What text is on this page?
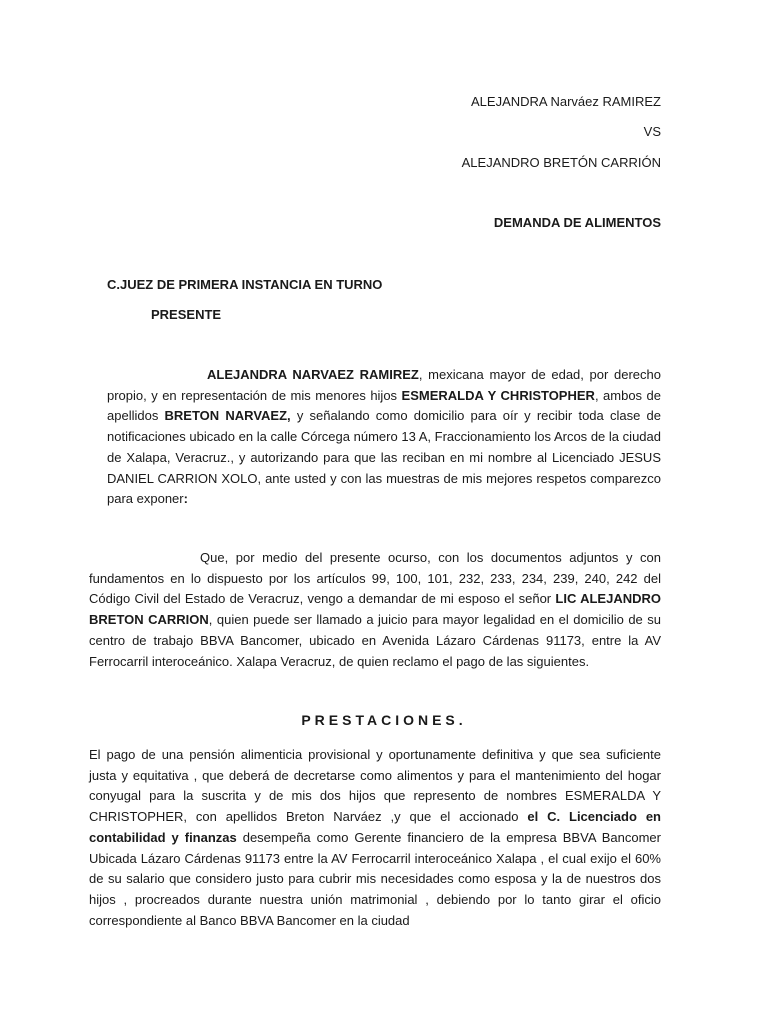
ALEJANDRA Narváez RAMIREZ
VS
ALEJANDRO BRETÓN CARRIÓN
DEMANDA DE ALIMENTOS
C.JUEZ DE PRIMERA INSTANCIA EN TURNO
PRESENTE

ALEJANDRA NARVAEZ RAMIREZ, mexicana mayor de edad, por derecho propio, y en representación de mis menores hijos ESMERALDA Y CHRISTOPHER, ambos de apellidos BRETON NARVAEZ, y señalando como domicilio para oír y recibir toda clase de notificaciones ubicado en la calle Córcega número 13 A, Fraccionamiento los Arcos de la ciudad de Xalapa, Veracruz., y autorizando para que las reciban en mi nombre al Licenciado JESUS DANIEL CARRION XOLO, ante usted y con las muestras de mis mejores respetos comparezco para exponer:

Que, por medio del presente ocurso, con los documentos adjuntos y con fundamentos en lo dispuesto por los artículos 99, 100, 101, 232, 233, 234, 239, 240, 242 del Código Civil del Estado de Veracruz, vengo a demandar de mi esposo el señor LIC ALEJANDRO BRETON CARRION, quien puede ser llamado a juicio para mayor legalidad en el domicilio de su centro de trabajo BBVA Bancomer, ubicado en Avenida Lázaro Cárdenas 91173, entre la AV Ferrocarril interoceánico. Xalapa Veracruz, de quien reclamo el pago de las siguientes.

PRESTACIONES.

El pago de una pensión alimenticia provisional y oportunamente definitiva y que sea suficiente justa y equitativa , que deberá de decretarse como alimentos y para el mantenimiento del hogar conyugal para la suscrita y de mis dos hijos que represento de nombres ESMERALDA Y CHRISTOPHER, con apellidos Breton Narváez ,y que el accionado el C. Licenciado en contabilidad y finanzas desempeña como Gerente financiero de la empresa BBVA Bancomer Ubicada Lázaro Cárdenas 91173 entre la AV Ferrocarril interoceánico Xalapa , el cual exijo el 60% de su salario que considero justo para cubrir mis necesidades como esposa y la de nuestros dos hijos , procreados durante nuestra unión matrimonial , debiendo por lo tanto girar el oficio correspondiente al Banco BBVA Bancomer en la ciudad
